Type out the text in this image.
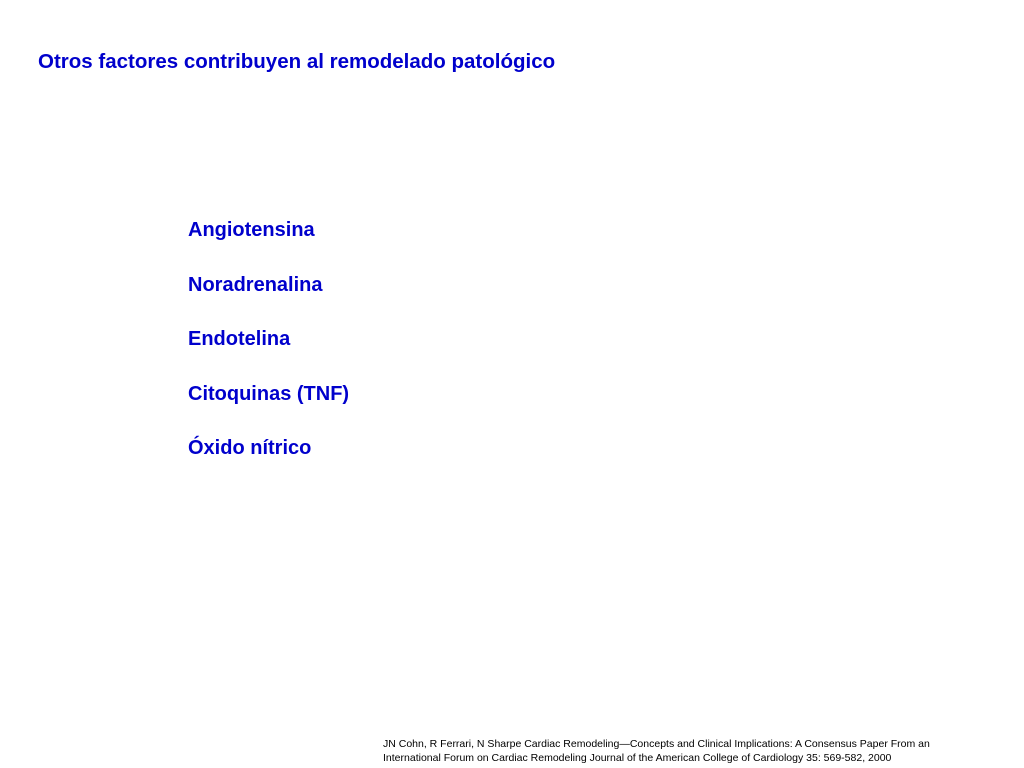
Otros factores contribuyen al remodelado patológico
Angiotensina
Noradrenalina
Endotelina
Citoquinas (TNF)
Óxido nítrico

JN Cohn, R Ferrari, N Sharpe Cardiac Remodeling—Concepts and Clinical Implications: A Consensus Paper From an
International Forum on Cardiac Remodeling Journal of the American College of Cardiology 35: 569-582, 2000
